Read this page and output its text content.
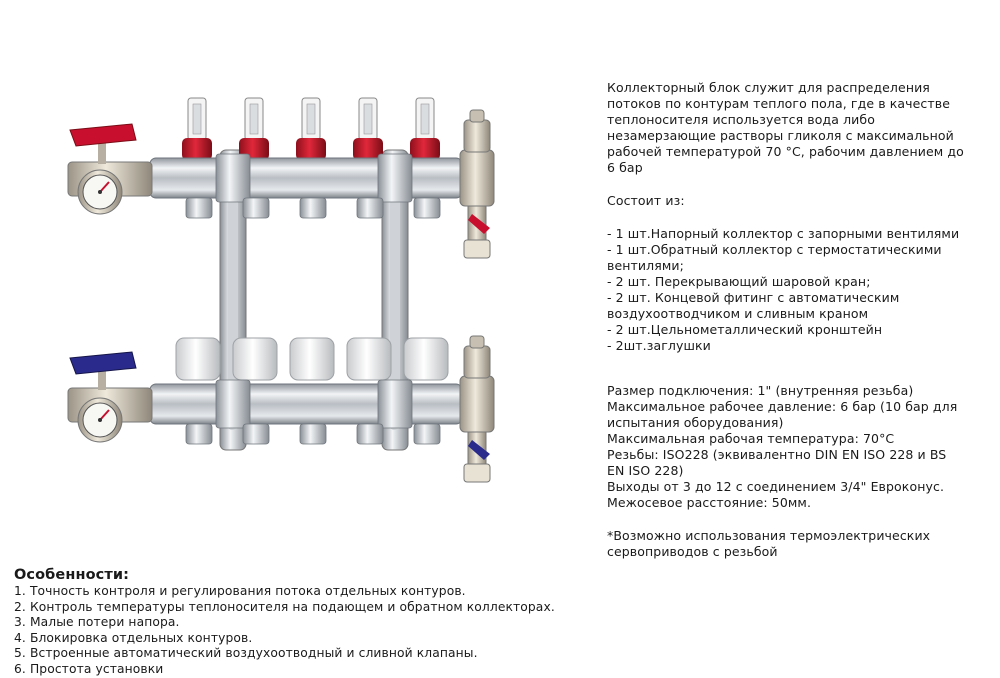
Коллекторный блок служит для распределения
потоков по контурам теплого пола, где в качестве
теплоносителя используется вода либо
незамерзающие растворы гликоля с максимальной
рабочей температурой 70 °С, рабочим давлением до
6 бар

Состоит из:

- 1 шт.Напорный коллектор с запорными вентилями
- 1 шт.Обратный коллектор с термостатическими
вентилями;
- 2 шт. Перекрывающий шаровой кран;
- 2 шт. Концевой фитинг с автоматическим
воздухоотводчиком и сливным краном
- 2 шт.Цельнометаллический кронштейн
- 2шт.заглушки

Размер подключения: 1" (внутренняя резьба)
Максимальное рабочее давление: 6 бар (10 бар для
испытания оборудования)
Максимальная рабочая температура: 70°С
Резьбы: ISO228 (эквивалентно DIN EN ISO 228 и BS
EN ISO 228)
Выходы от 3 до 12 с соединением 3/4" Евроконус.
Межосевое расстояние: 50мм.

*Возможно использования термоэлектрических
сервоприводов с резьбой

Особенности:

1. Точность контроля и регулирования потока отдельных контуров.

2. Контроль температуры теплоносителя на подающем и обратном коллекторах.

3. Малые потери напора.

4. Блокировка отдельных контуров.

5. Встроенные автоматический воздухоотводный и сливной клапаны.

6. Простота установки
